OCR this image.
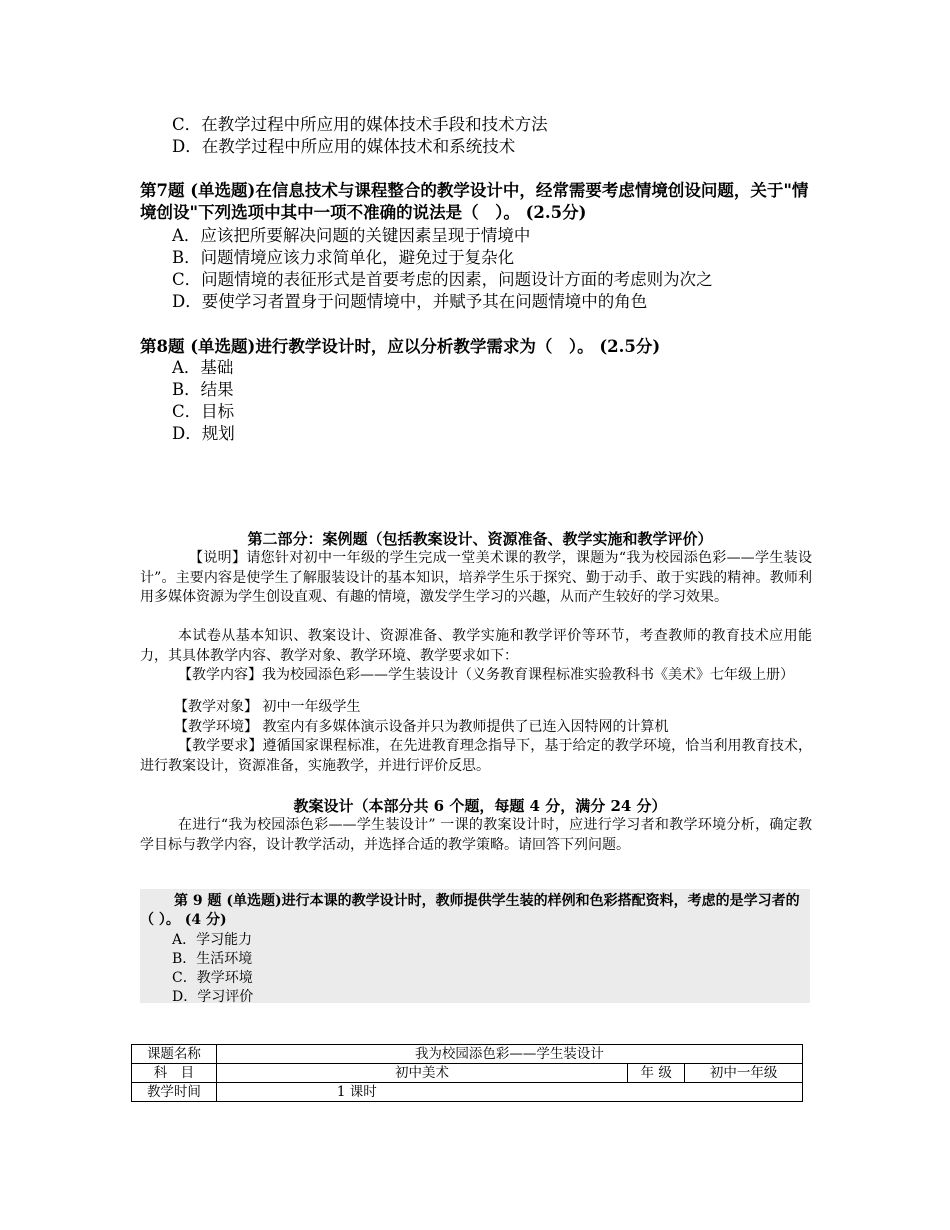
C．在教学过程中所应用的媒体技术手段和技术方法
D．在教学过程中所应用的媒体技术和系统技术
第7题 (单选题)在信息技术与课程整合的教学设计中，经常需要考虑情境创设问题，关于"情境创设"下列选项中其中一项不准确的说法是（　）。 (2.5分)
A．应该把所要解决问题的关键因素呈现于情境中
B．问题情境应该力求简单化，避免过于复杂化
C．问题情境的表征形式是首要考虑的因素，问题设计方面的考虑则为次之
D．要使学习者置身于问题情境中，并赋予其在问题情境中的角色
第8题 (单选题)进行教学设计时，应以分析教学需求为（　）。 (2.5分)
A．基础
B．结果
C．目标
D．规划
第二部分：案例题（包括教案设计、资源准备、教学实施和教学评价）
【说明】请您针对初中一年级的学生完成一堂美术课的教学，课题为“我为校园添色彩——学生装设计”。主要内容是使学生了解服装设计的基本知识，培养学生乐于探究、勤于动手、敢于实践的精神。教师利用多媒体资源为学生创设直观、有趣的情境，激发学生学习的兴趣，从而产生较好的学习效果。
本试卷从基本知识、教案设计、资源准备、教学实施和教学评价等环节，考查教师的教育技术应用能力，其具体教学内容、教学对象、教学环境、教学要求如下：
【教学内容】我为校园添色彩——学生装设计（义务教育课程标准实验教科书《美术》七年级上册）
【教学对象】 初中一年级学生
【教学环境】 教室内有多媒体演示设备并只为教师提供了已连入因特网的计算机
【教学要求】遵循国家课程标准，在先进教育理念指导下，基于给定的教学环境，恰当利用教育技术，进行教案设计，资源准备，实施教学，并进行评价反思。
教案设计（本部分共 6 个题，每题 4 分，满分 24 分）
在进行“我为校园添色彩——学生装设计” 一课的教案设计时，应进行学习者和教学环境分析，确定教学目标与教学内容，设计教学活动，并选择合适的教学策略。请回答下列问题。
第 9 题 (单选题)进行本课的教学设计时，教师提供学生装的样例和色彩搭配资料，考虑的是学习者的（ ）。 (4 分)
A．学习能力
B．生活环境
C．教学环境
D．学习评价
课题名称	我为校园添色彩——学生装设计		
科　目	初中美术	年 级	初中一年级
教学时间	1 课时		
